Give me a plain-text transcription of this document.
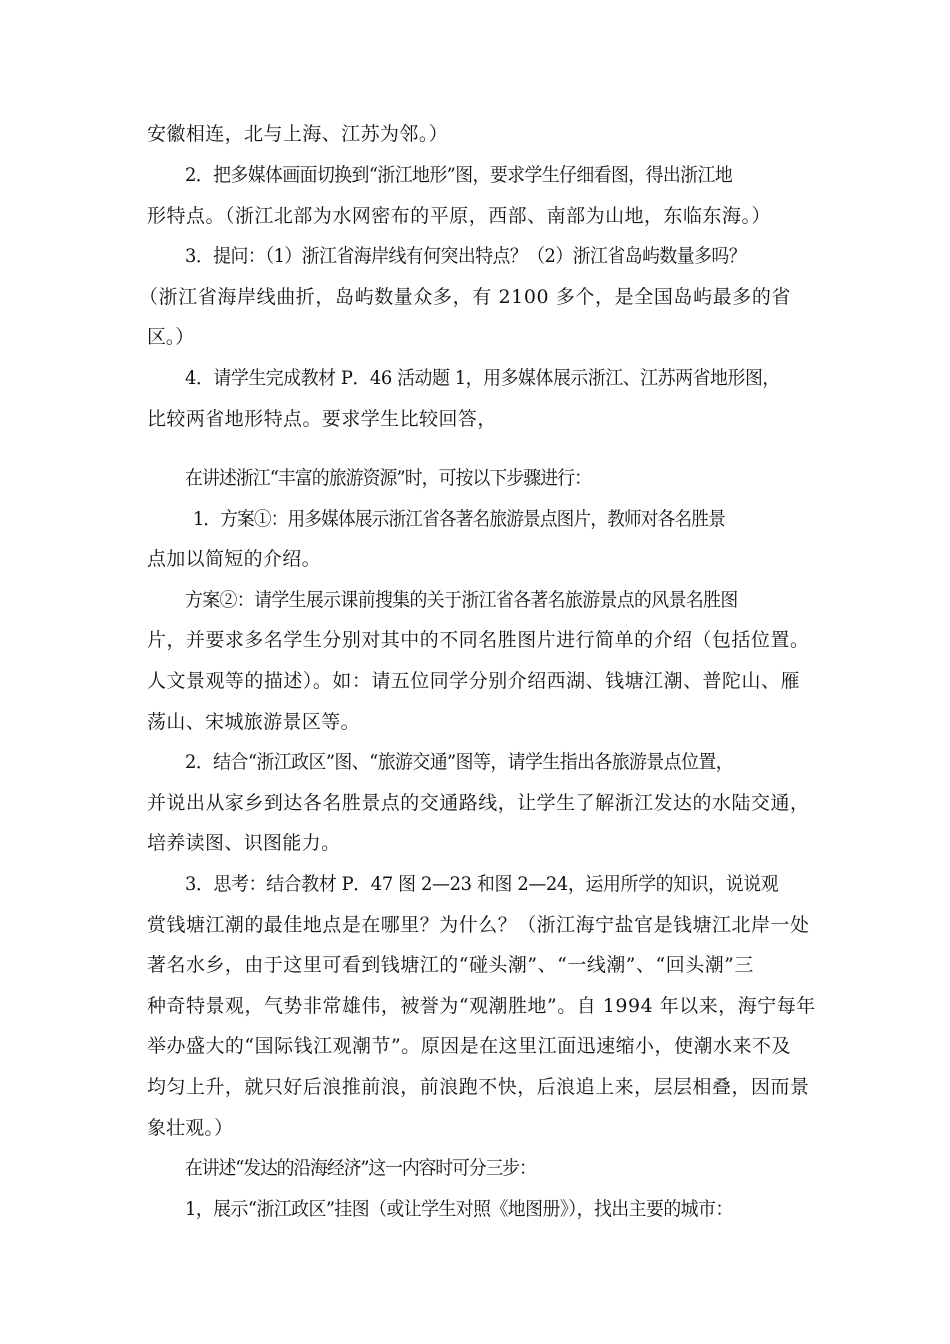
安徽相连，北与上海、江苏为邻。）
2．把多媒体画面切换到“浙江地形”图，要求学生仔细看图，得出浙江地
形特点。（浙江北部为水网密布的平原，西部、南部为山地，东临东海。）
3．提问：（1）浙江省海岸线有何突出特点？（2）浙江省岛屿数量多吗？
（浙江省海岸线曲折，岛屿数量众多，有 2100 多个，是全国岛屿最多的省
区。）
4．请学生完成教材 P．46 活动题 1，用多媒体展示浙江、江苏两省地形图，
比较两省地形特点。要求学生比较回答，
在讲述浙江“丰富的旅游资源”时，可按以下步骤进行：
1．方案①：用多媒体展示浙江省各著名旅游景点图片，教师对各名胜景
点加以简短的介绍。
方案②：请学生展示课前搜集的关于浙江省各著名旅游景点的风景名胜图
片，并要求多名学生分别对其中的不同名胜图片进行简单的介绍（包括位置。
人文景观等的描述）。如：请五位同学分别介绍西湖、钱塘江潮、普陀山、雁
荡山、宋城旅游景区等。
2．结合“浙江政区”图、“旅游交通”图等，请学生指出各旅游景点位置，
并说出从家乡到达各名胜景点的交通路线，让学生了解浙江发达的水陆交通，
培养读图、识图能力。
3．思考：结合教材 P．47 图 2—23 和图 2—24，运用所学的知识，说说观
赏钱塘江潮的最佳地点是在哪里？为什么？（浙江海宁盐官是钱塘江北岸一处
著名水乡，由于这里可看到钱塘江的“碰头潮”、“一线潮”、“回头潮”三
种奇特景观，气势非常雄伟，被誉为“观潮胜地”。自 1994 年以来，海宁每年
举办盛大的“国际钱江观潮节”。原因是在这里江面迅速缩小，使潮水来不及
均匀上升，就只好后浪推前浪，前浪跑不快，后浪追上来，层层相叠，因而景
象壮观。）
在讲述“发达的沿海经济”这一内容时可分三步：
1，展示“浙江政区”挂图（或让学生对照《地图册》），找出主要的城市：
